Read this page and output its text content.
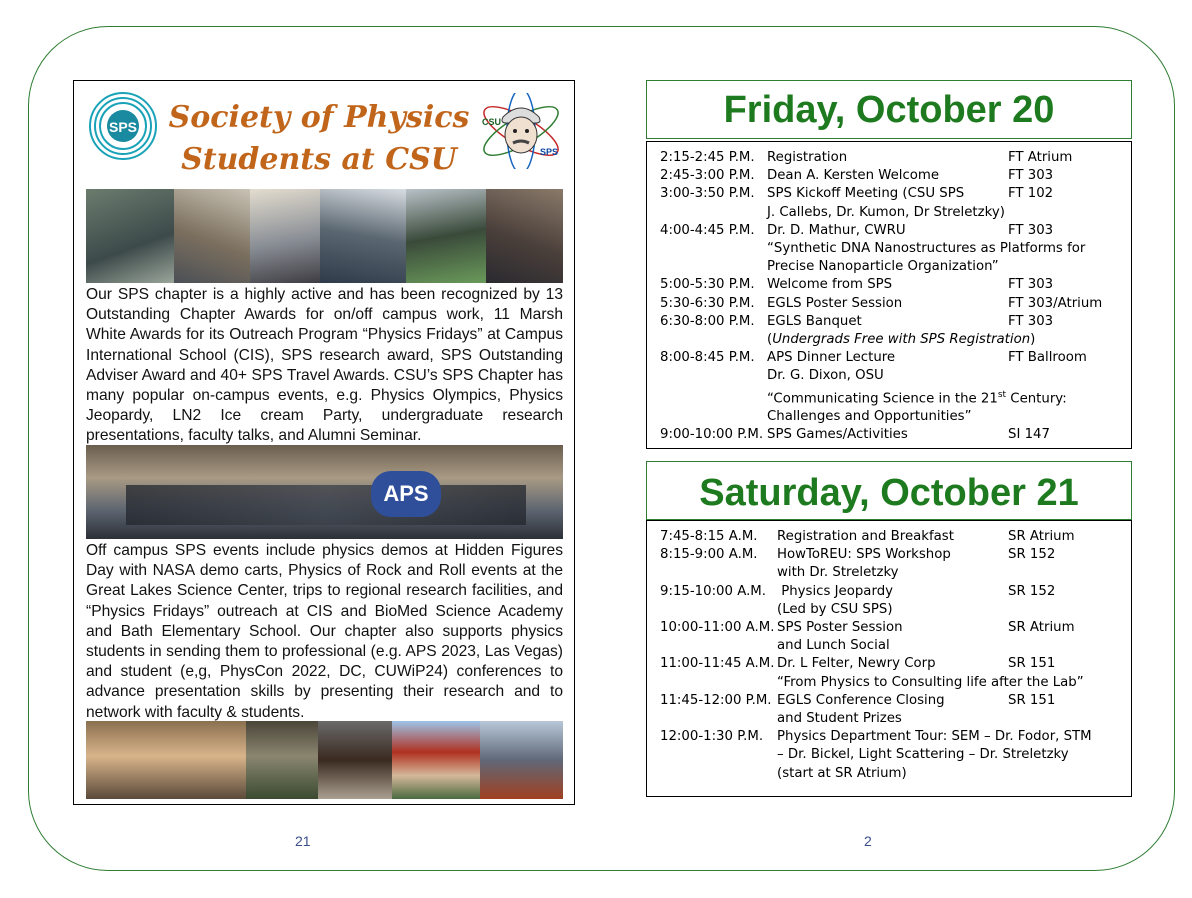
SPS Society of Physics
Students at CSU
CSU
SPS
Our SPS chapter is a highly active and has been recognized by 13 Outstanding Chapter Awards for on/off campus work, 11 Marsh White Awards for its Outreach Program “Physics Fridays” at Campus International School (CIS), SPS research award, SPS Outstanding Adviser Award and 40+ SPS Travel Awards. CSU’s SPS Chapter has many popular on-campus events, e.g. Physics Olympics, Physics Jeopardy, LN2 Ice cream Party, undergraduate research presentations, faculty talks, and Alumni Seminar.
APS
Off campus SPS events include physics demos at Hidden Figures Day with NASA demo carts, Physics of Rock and Roll events at the Great Lakes Science Center, trips to regional research facilities, and “Physics Fridays” outreach at CIS and BioMed Science Academy and Bath Elementary School. Our chapter also supports physics students in sending them to professional (e.g. APS 2023, Las Vegas) and student (e,g, PhysCon 2022, DC, CUWiP24) conferences to advance presentation skills by presenting their research and to network with faculty & students.
21
Friday, October 20
2:15-2:45 P.M. Registration	FT Atrium
2:45-3:00 P.M. Dean A. Kersten Welcome	FT 303
3:00-3:50 P.M. SPS Kickoff Meeting (CSU SPS	FT 102
J. Callebs, Dr. Kumon, Dr Streletzky)
4:00-4:45 P.M. Dr. D. Mathur, CWRU	FT 303
“Synthetic DNA Nanostructures as Platforms for
Precise Nanoparticle Organization”
5:00-5:30 P.M. Welcome from SPS	FT 303
5:30-6:30 P.M. EGLS Poster Session	FT 303/Atrium
6:30-8:00 P.M. EGLS Banquet	FT 303
(Undergrads Free with SPS Registration)
8:00-8:45 P.M. APS Dinner Lecture	FT Ballroom
Dr. G. Dixon, OSU
“Communicating Science in the 21st Century:
Challenges and Opportunities”
9:00-10:00 P.M. SPS Games/Activities	SI 147
Saturday, October 21
7:45-8:15 A.M.	Registration and Breakfast	SR Atrium
8:15-9:00 A.M.	HowToREU: SPS Workshop	SR 152
with Dr. Streletzky
9:15-10:00 A.M. Physics Jeopardy	SR 152
(Led by CSU SPS)
10:00-11:00 A.M. SPS Poster Session	SR Atrium
and Lunch Social
11:00-11:45 A.M. Dr. L Felter, Newry Corp	SR 151
“From Physics to Consulting life after the Lab”
11:45-12:00 P.M. EGLS Conference Closing	SR 151
and Student Prizes
12:00-1:30 P.M.	Physics Department Tour: SEM – Dr. Fodor, STM
– Dr. Bickel, Light Scattering – Dr. Streletzky
(start at SR Atrium)
2
